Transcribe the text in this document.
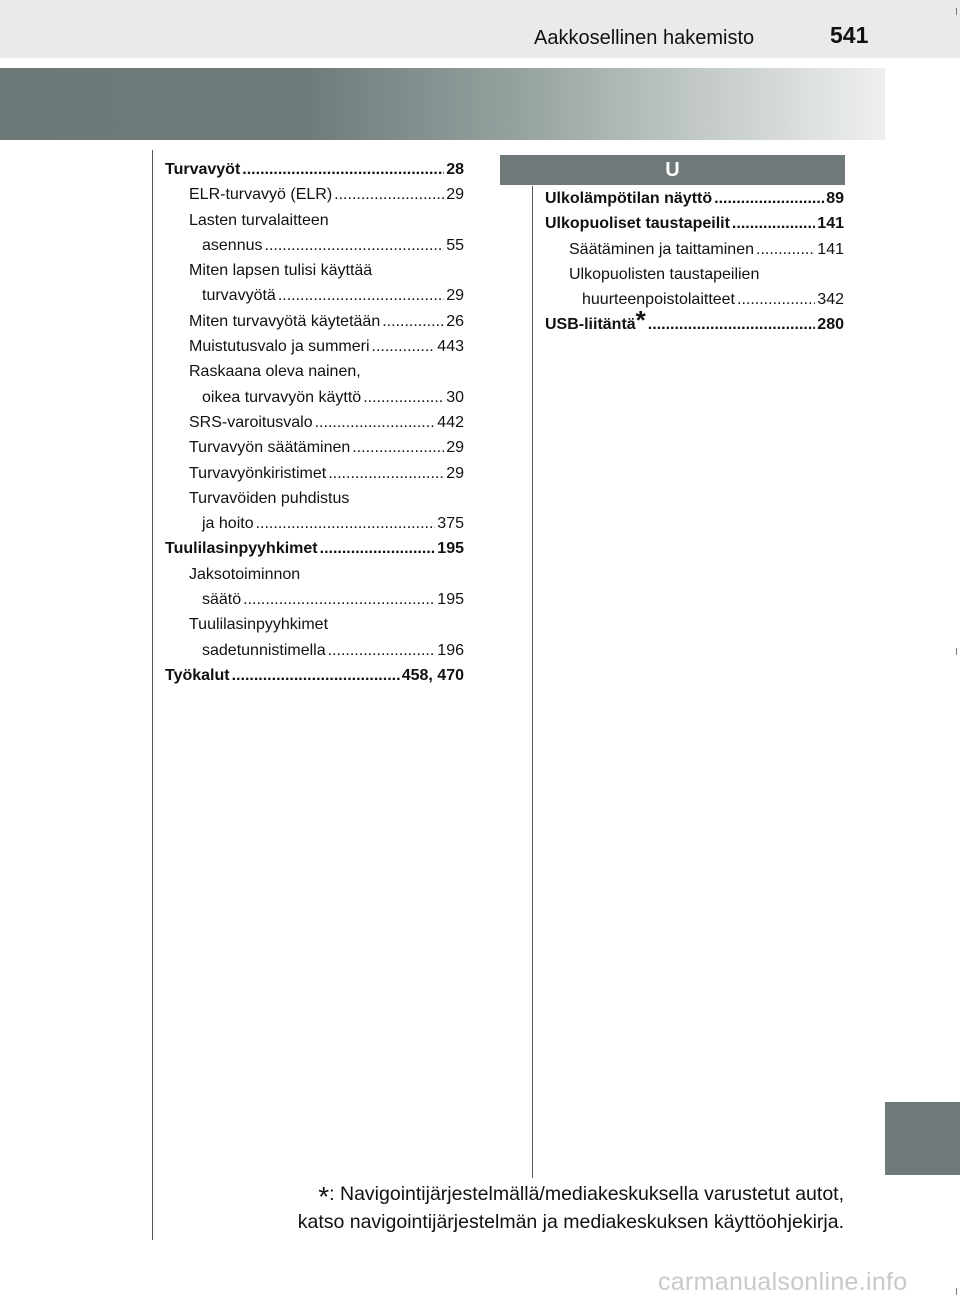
Aakkosellinen hakemisto	541
U
Turvavyöt .....	28
ELR-turvavyö (ELR) .....	29
Lasten turvalaitteen
asennus .....	55
Miten lapsen tulisi käyttää
turvavyötä .....	29
Miten turvavyötä käytetään .....	26
Muistutusvalo ja summeri .....	443
Raskaana oleva nainen,
oikea turvavyön käyttö .....	30
SRS-varoitusvalo .....	442
Turvavyön säätäminen .....	29
Turvavyönkiristimet .....	29
Turvavöiden puhdistus
ja hoito .....	375
Tuulilasinpyyhkimet .....	195
Jaksotoiminnon
säätö .....	195
Tuulilasinpyyhkimet
sadetunnistimella .....	196
Työkalut .....	458, 470
Ulkolämpötilan näyttö .....	89
Ulkopuoliset taustapeilit .....	141
Säätäminen ja taittaminen .....	141
Ulkopuolisten taustapeilien
huurteenpoistolaitteet .....	342
USB-liitäntä* .....	280
*: Navigointijärjestelmällä/mediakeskuksella varustetut autot,
katso navigointijärjestelmän ja mediakeskuksen käyttöohjekirja.
carmanualsonline.info
